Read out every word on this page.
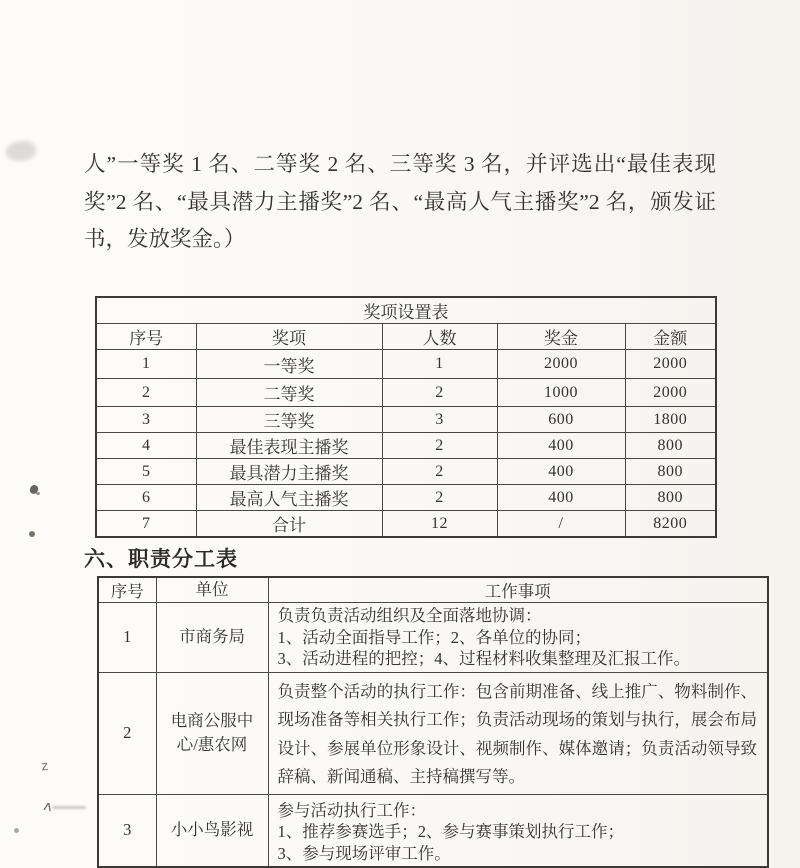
人”一等奖 1 名、二等奖 2 名、三等奖 3 名，并评选出“最佳表现奖”2 名、“最具潜力主播奖”2 名、“最高人气主播奖”2 名，颁发证书，发放奖金。）
奖项设置表				
序号	奖项	人数	奖金	金额
1	一等奖	1	2000	2000
2	二等奖	2	1000	2000
3	三等奖	3	600	1800
4	最佳表现主播奖	2	400	800
5	最具潜力主播奖	2	400	800
6	最高人气主播奖	2	400	800
7	合计	12	/	8200
六、职责分工表
序号	单位	工作事项
1	市商务局	负责负责活动组织及全面落地协调：
1、活动全面指导工作；2、各单位的协同；
3、活动进程的把控；4、过程材料收集整理及汇报工作。

2	电商公服中心/惠农网	负责整个活动的执行工作：包含前期准备、线上推广、物料制作、现场准备等相关执行工作；负责活动现场的策划与执行，展会布局设计、参展单位形象设计、视频制作、媒体邀请；负责活动领导致辞稿、新闻通稿、主持稿撰写等。

3	小小鸟影视	参与活动执行工作：
1、推荐参赛选手；2、参与赛事策划执行工作；
3、参与现场评审工作。
z
ʌ
